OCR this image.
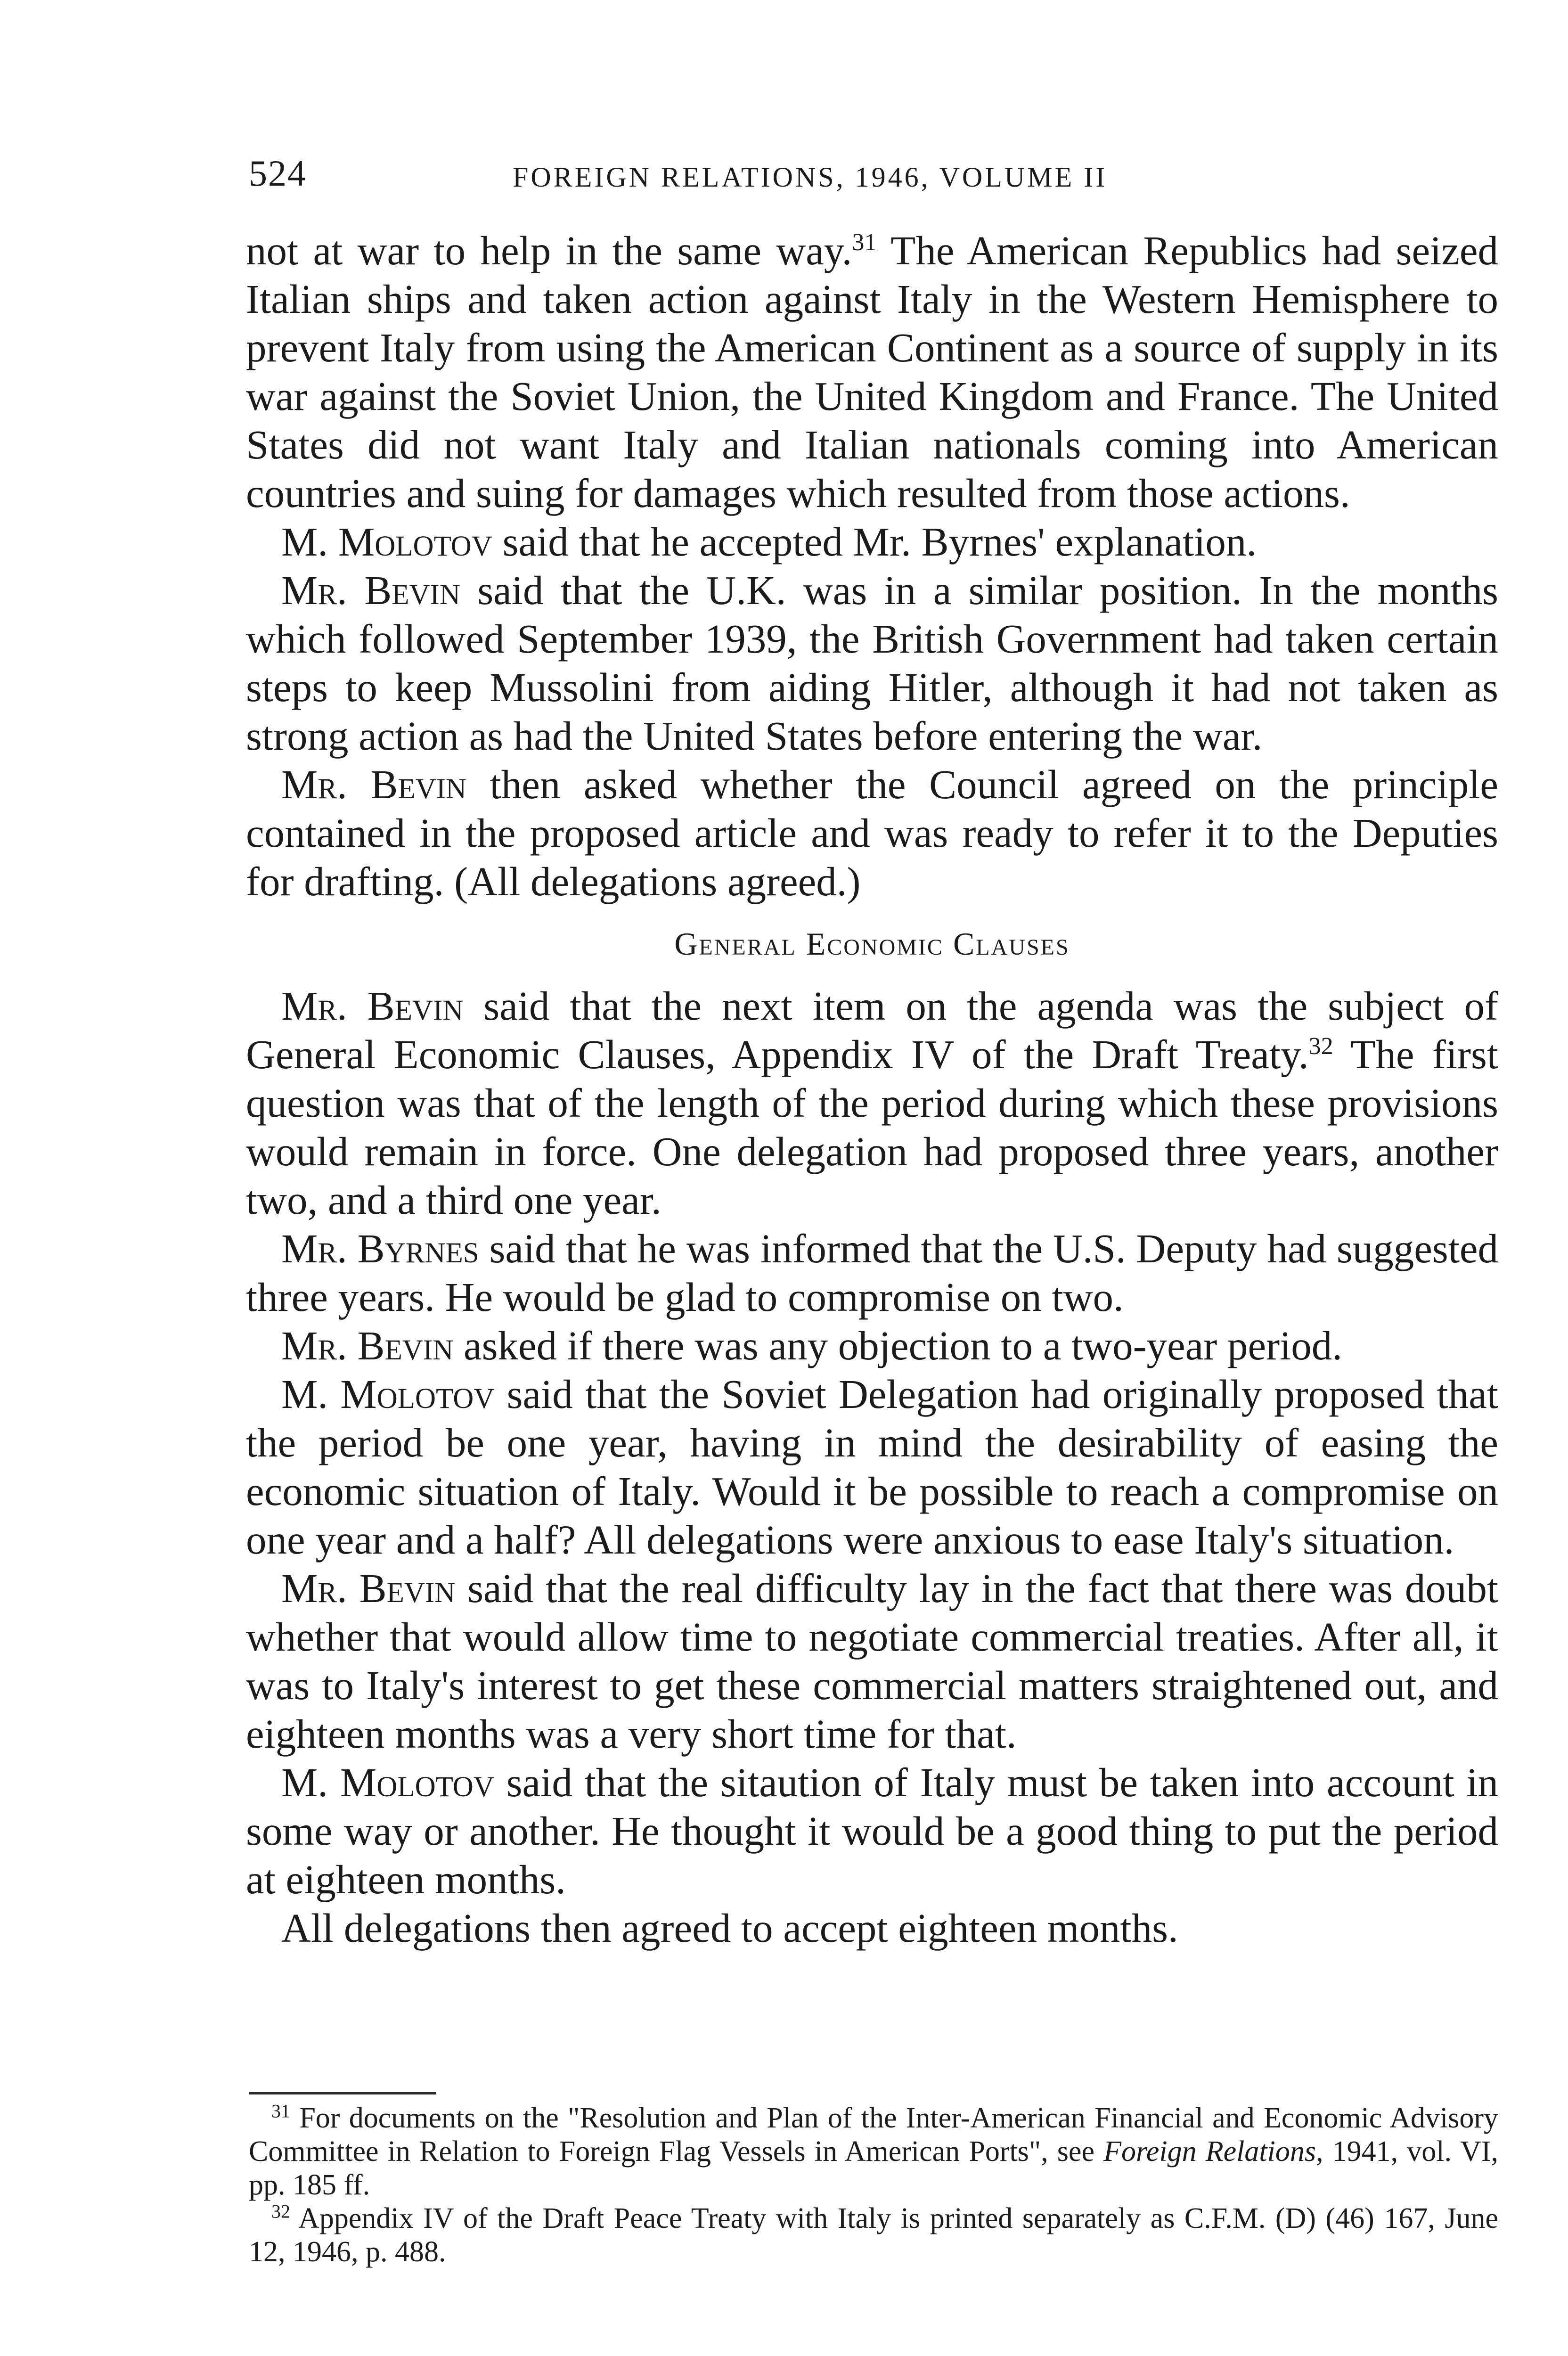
524	FOREIGN RELATIONS, 1946, VOLUME II

not at war to help in the same way.$^{31}$ The American Republics had seized Italian ships and taken action against Italy in the Western Hemisphere to prevent Italy from using the American Continent as a source of supply in its war against the Soviet Union, the United Kingdom and France. The United States did not want Italy and Italian nationals coming into American countries and suing for damages which resulted from those actions.

M. Molotov said that he accepted Mr. Byrnes' explanation.

Mr. Bevin said that the U.K. was in a similar position. In the months which followed September 1939, the British Government had taken certain steps to keep Mussolini from aiding Hitler, although it had not taken as strong action as had the United States before entering the war.

Mr. Bevin then asked whether the Council agreed on the principle contained in the proposed article and was ready to refer it to the Deputies for drafting. (All delegations agreed.)

General Economic Clauses

Mr. Bevin said that the next item on the agenda was the subject of General Economic Clauses, Appendix IV of the Draft Treaty.$^{32}$ The first question was that of the length of the period during which these provisions would remain in force. One delegation had proposed three years, another two, and a third one year.

Mr. Byrnes said that he was informed that the U.S. Deputy had suggested three years. He would be glad to compromise on two.

Mr. Bevin asked if there was any objection to a two-year period.

M. Molotov said that the Soviet Delegation had originally proposed that the period be one year, having in mind the desirability of easing the economic situation of Italy. Would it be possible to reach a compromise on one year and a half? All delegations were anxious to ease Italy's situation.

Mr. Bevin said that the real difficulty lay in the fact that there was doubt whether that would allow time to negotiate commercial treaties. After all, it was to Italy's interest to get these commercial matters straightened out, and eighteen months was a very short time for that.

M. Molotov said that the sitaution of Italy must be taken into account in some way or another. He thought it would be a good thing to put the period at eighteen months.

All delegations then agreed to accept eighteen months.

$^{31}$ For documents on the "Resolution and Plan of the Inter-American Financial and Economic Advisory Committee in Relation to Foreign Flag Vessels in American Ports", see Foreign Relations, 1941, vol. VI, pp. 185 ff.

$^{32}$ Appendix IV of the Draft Peace Treaty with Italy is printed separately as C.F.M. (D) (46) 167, June 12, 1946, p. 488.
